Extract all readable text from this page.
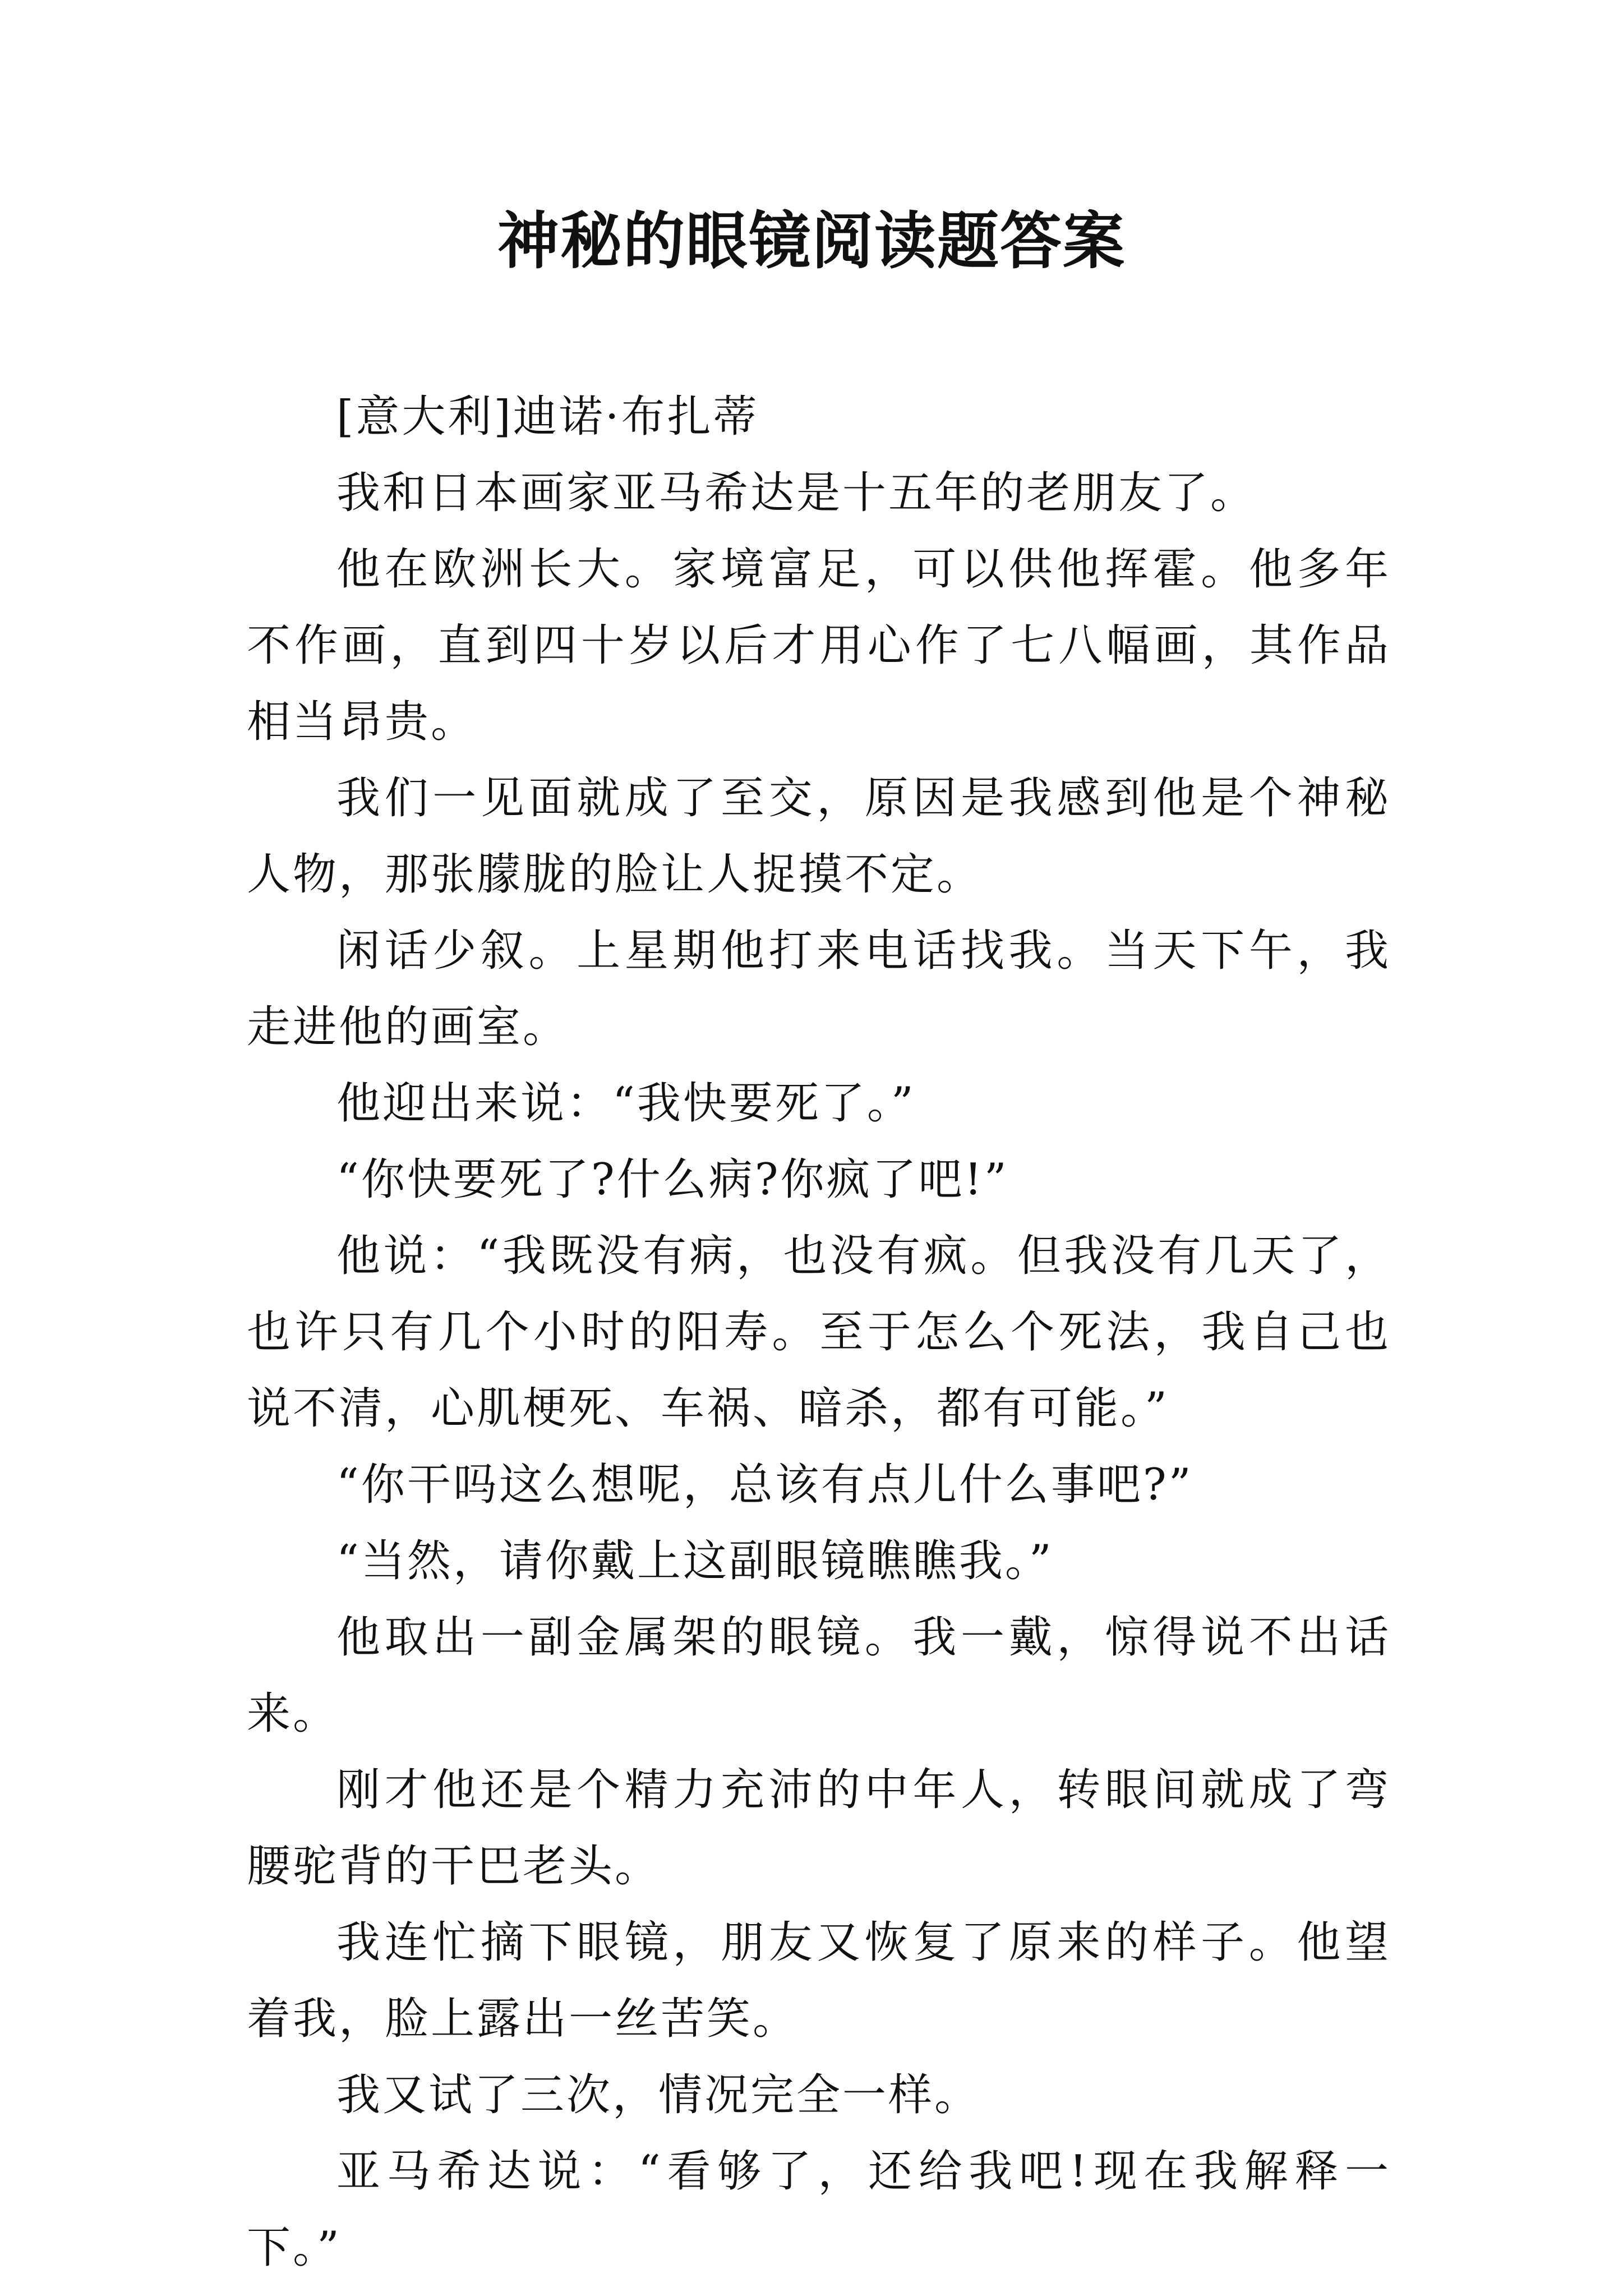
神秘的眼镜阅读题答案

[意大利]迪诺·布扎蒂

我和日本画家亚马希达是十五年的老朋友了。

他在欧洲长大。家境富足，可以供他挥霍。他多年不作画，直到四十岁以后才用心作了七八幅画，其作品相当昂贵。

我们一见面就成了至交，原因是我感到他是个神秘人物，那张朦胧的脸让人捉摸不定。

闲话少叙。上星期他打来电话找我。当天下午，我走进他的画室。

他迎出来说：“我快要死了。”

“你快要死了?什么病?你疯了吧!”

他说：“我既没有病，也没有疯。但我没有几天了，也许只有几个小时的阳寿。至于怎么个死法，我自己也说不清，心肌梗死、车祸、暗杀，都有可能。”

“你干吗这么想呢，总该有点儿什么事吧?”

“当然，请你戴上这副眼镜瞧瞧我。”

他取出一副金属架的眼镜。我一戴，惊得说不出话来。

刚才他还是个精力充沛的中年人，转眼间就成了弯腰驼背的干巴老头。

我连忙摘下眼镜，朋友又恢复了原来的样子。他望着我，脸上露出一丝苦笑。

我又试了三次，情况完全一样。

亚马希达说：“看够了，还给我吧!现在我解释一下。”
